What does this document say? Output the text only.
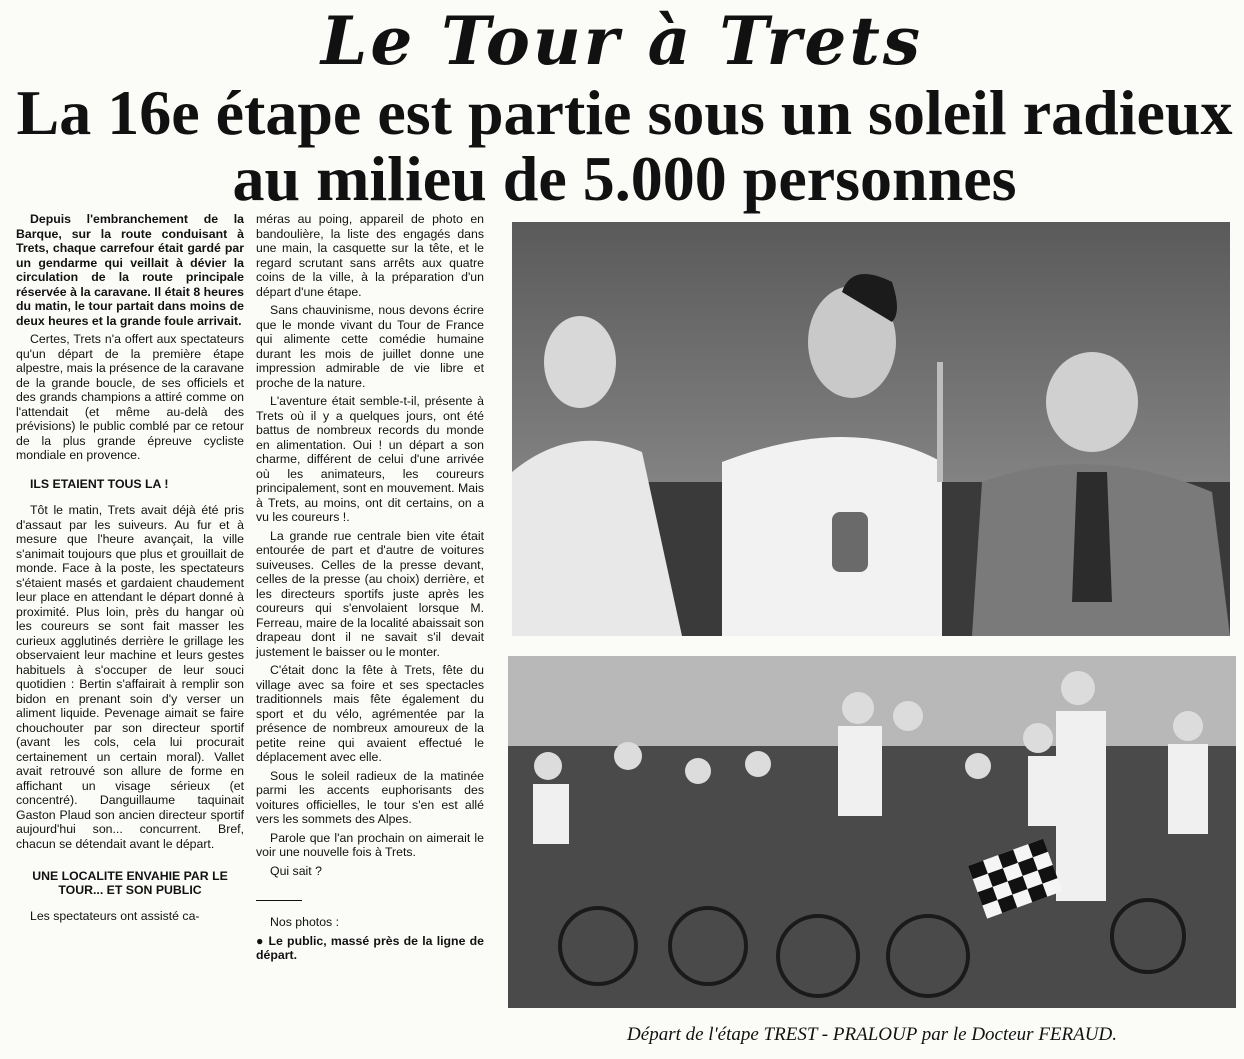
Le Tour à Trets
La 16e étape est partie sous un soleil radieux au milieu de 5.000 personnes

Depuis l'embranchement de la Barque, sur la route conduisant à Trets, chaque carrefour était gardé par un gendarme qui veillait à dévier la circulation de la route principale réservée à la caravane. Il était 8 heures du matin, le tour partait dans moins de deux heures et la grande foule arrivait.

Certes, Trets n'a offert aux spectateurs qu'un départ de la première étape alpestre, mais la présence de la caravane de la grande boucle, de ses officiels et des grands champions a attiré comme on l'attendait (et même au-delà des prévisions) le public comblé par ce retour de la plus grande épreuve cycliste mondiale en provence.

ILS ETAIENT TOUS LA !

Tôt le matin, Trets avait déjà été pris d'assaut par les suiveurs. Au fur et à mesure que l'heure avançait, la ville s'animait toujours que plus et grouillait de monde. Face à la poste, les spectateurs s'étaient masés et gardaient chaudement leur place en attendant le départ donné à proximité. Plus loin, près du hangar où les coureurs se sont fait masser les curieux agglutinés derrière le grillage les observaient leur machine et leurs gestes habituels à s'occuper de leur souci quotidien : Bertin s'affairait à remplir son bidon en prenant soin d'y verser un aliment liquide. Pevenage aimait se faire chouchouter par son directeur sportif (avant les cols, cela lui procurait certainement un certain moral). Vallet avait retrouvé son allure de forme en affichant un visage sérieux (et concentré). Danguillaume taquinait Gaston Plaud son ancien directeur sportif aujourd'hui son... concurrent. Bref, chacun se détendait avant le départ.

UNE LOCALITE ENVAHIE PAR LE TOUR... ET SON PUBLIC

Les spectateurs ont assisté ca-

méras au poing, appareil de photo en bandoulière, la liste des engagés dans une main, la casquette sur la tête, et le regard scrutant sans arrêts aux quatre coins de la ville, à la préparation d'un départ d'une étape.

Sans chauvinisme, nous devons écrire que le monde vivant du Tour de France qui alimente cette comédie humaine durant les mois de juillet donne une impression admirable de vie libre et proche de la nature.

L'aventure était semble-t-il, présente à Trets où il y a quelques jours, ont été battus de nombreux records du monde en alimentation. Oui ! un départ a son charme, différent de celui d'une arrivée où les animateurs, les coureurs principalement, sont en mouvement. Mais à Trets, au moins, ont dit certains, on a vu les coureurs !.

La grande rue centrale bien vite était entourée de part et d'autre de voitures suiveuses. Celles de la presse devant, celles de la presse (au choix) derrière, et les directeurs sportifs juste après les coureurs qui s'envolaient lorsque M. Ferreau, maire de la localité abaissait son drapeau dont il ne savait s'il devait justement le baisser ou le monter.

C'était donc la fête à Trets, fête du village avec sa foire et ses spectacles traditionnels mais fête également du sport et du vélo, agrémentée par la présence de nombreux amoureux de la petite reine qui avaient effectué le déplacement avec elle.

Sous le soleil radieux de la matinée parmi les accents euphorisants des voitures officielles, le tour s'en est allé vers les sommets des Alpes.

Parole que l'an prochain on aimerait le voir une nouvelle fois à Trets.

Qui sait ?

Nos photos :

● Le public, massé près de la ligne de départ.

Départ de l'étape TREST - PRALOUP par le Docteur FERAUD.
